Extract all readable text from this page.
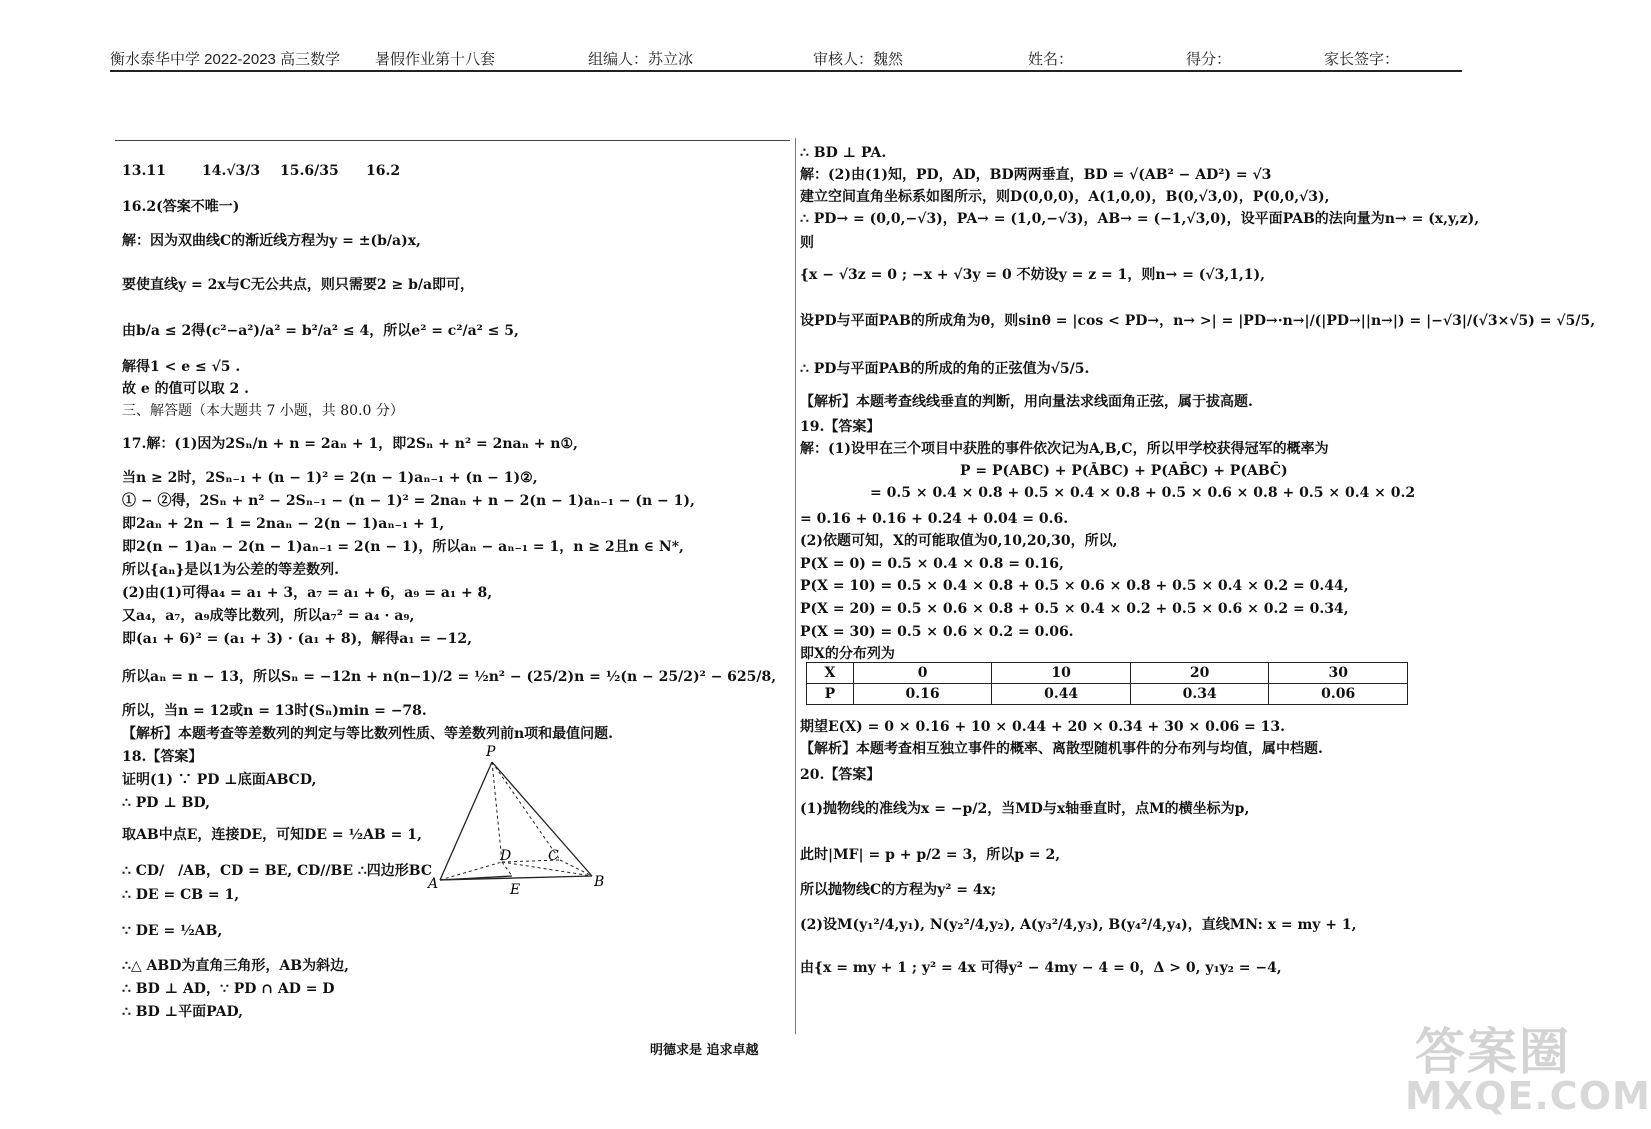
衡水泰华中学 2022-2023 高三数学 暑假作业第十八套	组编人：苏立冰	审核人：魏然	姓名：	得分：	家长签字：
13.11	14.√3/3 15.6/35 16.2
16.2(答案不唯一)
解：因为双曲线C的渐近线方程为y = ±(b/a)x,
要使直线y = 2x与C无公共点，则只需要2 ≥ b/a即可，
由b/a ≤ 2得(c²−a²)/a² = b²/a² ≤ 4，所以e² = c²/a² ≤ 5,
解得1 < e ≤ √5 .
故 e 的值可以取 2 .
三、解答题（本大题共 7 小题，共 80.0 分）
17.解：(1)因为2Sₙ/n + n = 2aₙ + 1，即2Sₙ + n² = 2naₙ + n①,
当n ≥ 2时，2Sₙ₋₁ + (n − 1)² = 2(n − 1)aₙ₋₁ + (n − 1)②,
① − ②得，2Sₙ + n² − 2Sₙ₋₁ − (n − 1)² = 2naₙ + n − 2(n − 1)aₙ₋₁ − (n − 1),
即2aₙ + 2n − 1 = 2naₙ − 2(n − 1)aₙ₋₁ + 1,
即2(n − 1)aₙ − 2(n − 1)aₙ₋₁ = 2(n − 1)，所以aₙ − aₙ₋₁ = 1，n ≥ 2且n ∈ N*,
所以{aₙ}是以1为公差的等差数列.
(2)由(1)可得a₄ = a₁ + 3，a₇ = a₁ + 6，a₉ = a₁ + 8,
又a₄，a₇，a₉成等比数列，所以a₇² = a₄ · a₉,
即(a₁ + 6)² = (a₁ + 3) · (a₁ + 8)，解得a₁ = −12,
所以aₙ = n − 13，所以Sₙ = −12n + n(n−1)/2 = ½n² − (25/2)n = ½(n − 25/2)² − 625/8,
所以，当n = 12或n = 13时(Sₙ)min = −78.
【解析】本题考查等差数列的判定与等比数列性质、等差数列前n项和最值问题.
18.【答案】
证明(1) ∵ PD ⊥底面ABCD,
∴ PD ⊥ BD,
取AB中点E，连接DE，可知DE = ½AB = 1,
∴ CD/　/AB，CD = BE, CD//BE ∴四边形BC
∴ DE = CB = 1,
∵ DE = ½AB,
∴△ ABD为直角三角形，AB为斜边,
∴ BD ⊥ AD，∵ PD ∩ AD = D
∴ BD ⊥平面PAD,
P
A	B
C
D
E
∴ BD ⊥ PA.
解：(2)由(1)知，PD，AD，BD两两垂直，BD = √(AB² − AD²) = √3
建立空间直角坐标系如图所示，则D(0,0,0)，A(1,0,0)，B(0,√3,0)，P(0,0,√3),
∴ PD→ = (0,0,−√3)，PA→ = (1,0,−√3)，AB→ = (−1,√3,0)，设平面PAB的法向量为n→ = (x,y,z),
则
{x − √3z = 0 ; −x + √3y = 0 不妨设y = z = 1，则n→ = (√3,1,1),
设PD与平面PAB的所成角为θ，则sinθ = |cos < PD→，n→ >| = |PD→·n→|/(|PD→||n→|) = |−√3|/(√3×√5) = √5/5,
∴ PD与平面PAB的所成的角的正弦值为√5/5.
【解析】本题考查线线垂直的判断，用向量法求线面角正弦，属于拔高题.
19.【答案】
解：(1)设甲在三个项目中获胜的事件依次记为A,B,C，所以甲学校获得冠军的概率为
P = P(ABC) + P(ĀBC) + P(AB̄C) + P(ABC̄)
= 0.5 × 0.4 × 0.8 + 0.5 × 0.4 × 0.8 + 0.5 × 0.6 × 0.8 + 0.5 × 0.4 × 0.2
= 0.16 + 0.16 + 0.24 + 0.04 = 0.6.
(2)依题可知，X的可能取值为0,10,20,30，所以,
P(X = 0) = 0.5 × 0.4 × 0.8 = 0.16,
P(X = 10) = 0.5 × 0.4 × 0.8 + 0.5 × 0.6 × 0.8 + 0.5 × 0.4 × 0.2 = 0.44,
P(X = 20) = 0.5 × 0.6 × 0.8 + 0.5 × 0.4 × 0.2 + 0.5 × 0.6 × 0.2 = 0.34,
P(X = 30) = 0.5 × 0.6 × 0.2 = 0.06.
即X的分布列为
期望E(X) = 0 × 0.16 + 10 × 0.44 + 20 × 0.34 + 30 × 0.06 = 13.
【解析】本题考查相互独立事件的概率、离散型随机事件的分布列与均值，属中档题.
20.【答案】
(1)抛物线的准线为x = −p/2，当MD与x轴垂直时，点M的横坐标为p,
此时|MF| = p + p/2 = 3，所以p = 2,
所以抛物线C的方程为y² = 4x;
(2)设M(y₁²/4,y₁), N(y₂²/4,y₂), A(y₃²/4,y₃), B(y₄²/4,y₄)，直线MN: x = my + 1,
由{x = my + 1 ; y² = 4x 可得y² − 4my − 4 = 0，Δ > 0, y₁y₂ = −4,
X	0	10	20	30
P	0.16	0.44	0.34	0.06
明德求是 追求卓越	答案圈
MXQE.COM
